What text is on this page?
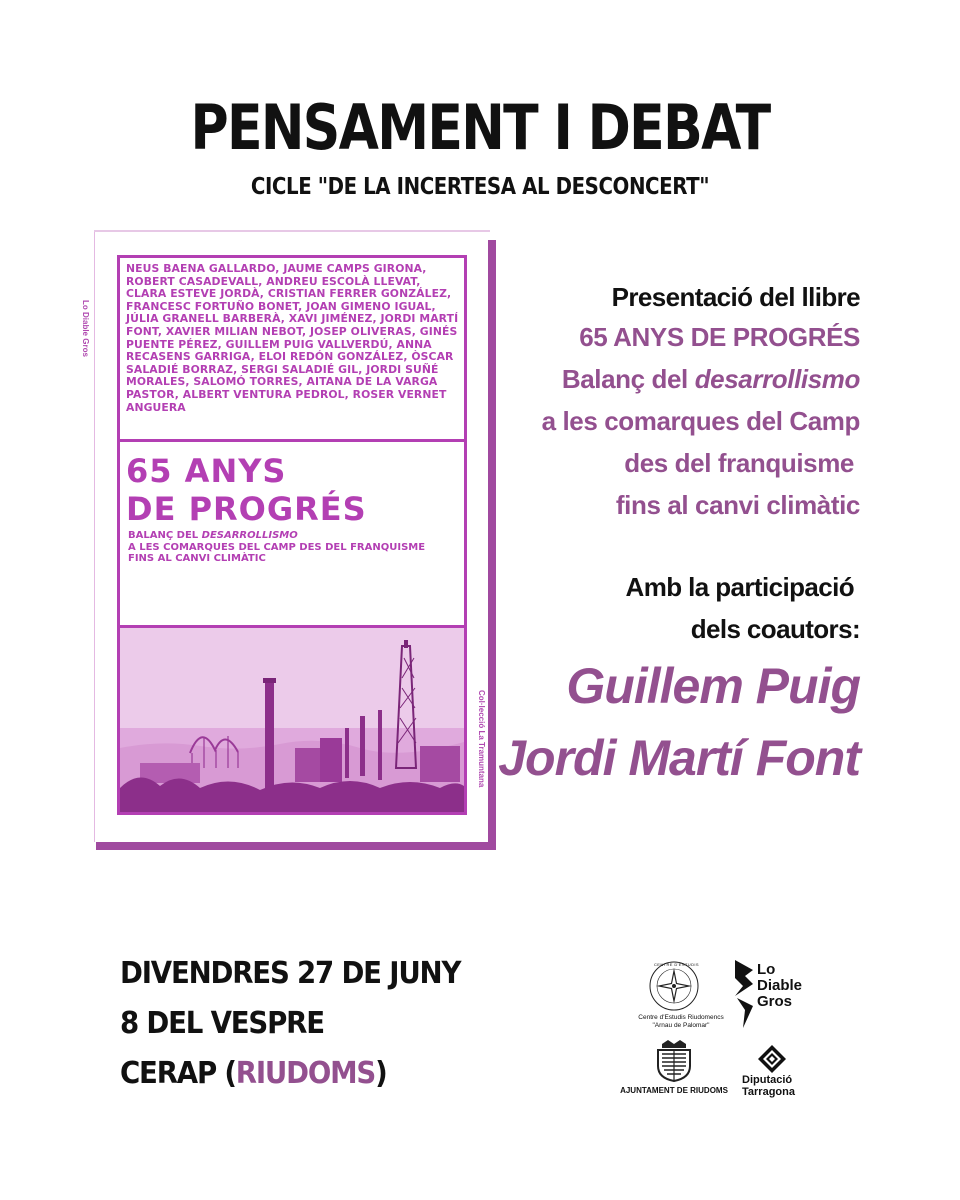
PENSAMENT I DEBAT
CICLE "DE LA INCERTESA AL DESCONCERT"
Lo Diable Gros
Col·lecció La Tramuntana
NEUS BAENA GALLARDO, JAUME CAMPS GIRONA, ROBERT CASADEVALL, ANDREU ESCOLÀ LLEVAT, CLARA ESTEVE JORDÀ, CRISTIAN FERRER GONZÁLEZ, FRANCESC FORTUÑO BONET, JOAN GIMENO IGUAL, JÚLIA GRANELL BARBERÀ, XAVI JIMÉNEZ, JORDI MARTÍ FONT, XAVIER MILIAN NEBOT, JOSEP OLIVERAS, GINÉS PUENTE PÉREZ, GUILLEM PUIG VALLVERDÚ, ANNA RECASENS GARRIGA, ELOI REDÓN GONZÁLEZ, ÒSCAR SALADIÉ BORRAZ, SERGI SALADIÉ GIL, JORDI SUÑÉ MORALES, SALOMÓ TORRES, AITANA DE LA VARGA PASTOR, ALBERT VENTURA PEDROL, ROSER VERNET ANGUERA
65 ANYS
DE PROGRÉS
BALANÇ DEL DESARROLLISMO
A LES COMARQUES DEL CAMP DES DEL FRANQUISME FINS AL CANVI CLIMÀTIC
Presentació del llibre
65 ANYS DE PROGRÉS
Balanç del desarrollismo
a les comarques del Camp
des del franquisme
fins al canvi climàtic
Amb la participació
dels coautors:
Guillem Puig
Jordi Martí Font
DIVENDRES 27 DE JUNY
8 DEL VESPRE
CERAP (RIUDOMS)
CENTRE D'ESTUDIS
Centre d'Estudis Riudomencs
"Arnau de Palomar"
Lo
Diable
Gros
AJUNTAMENT DE RIUDOMS
Diputació
Tarragona
